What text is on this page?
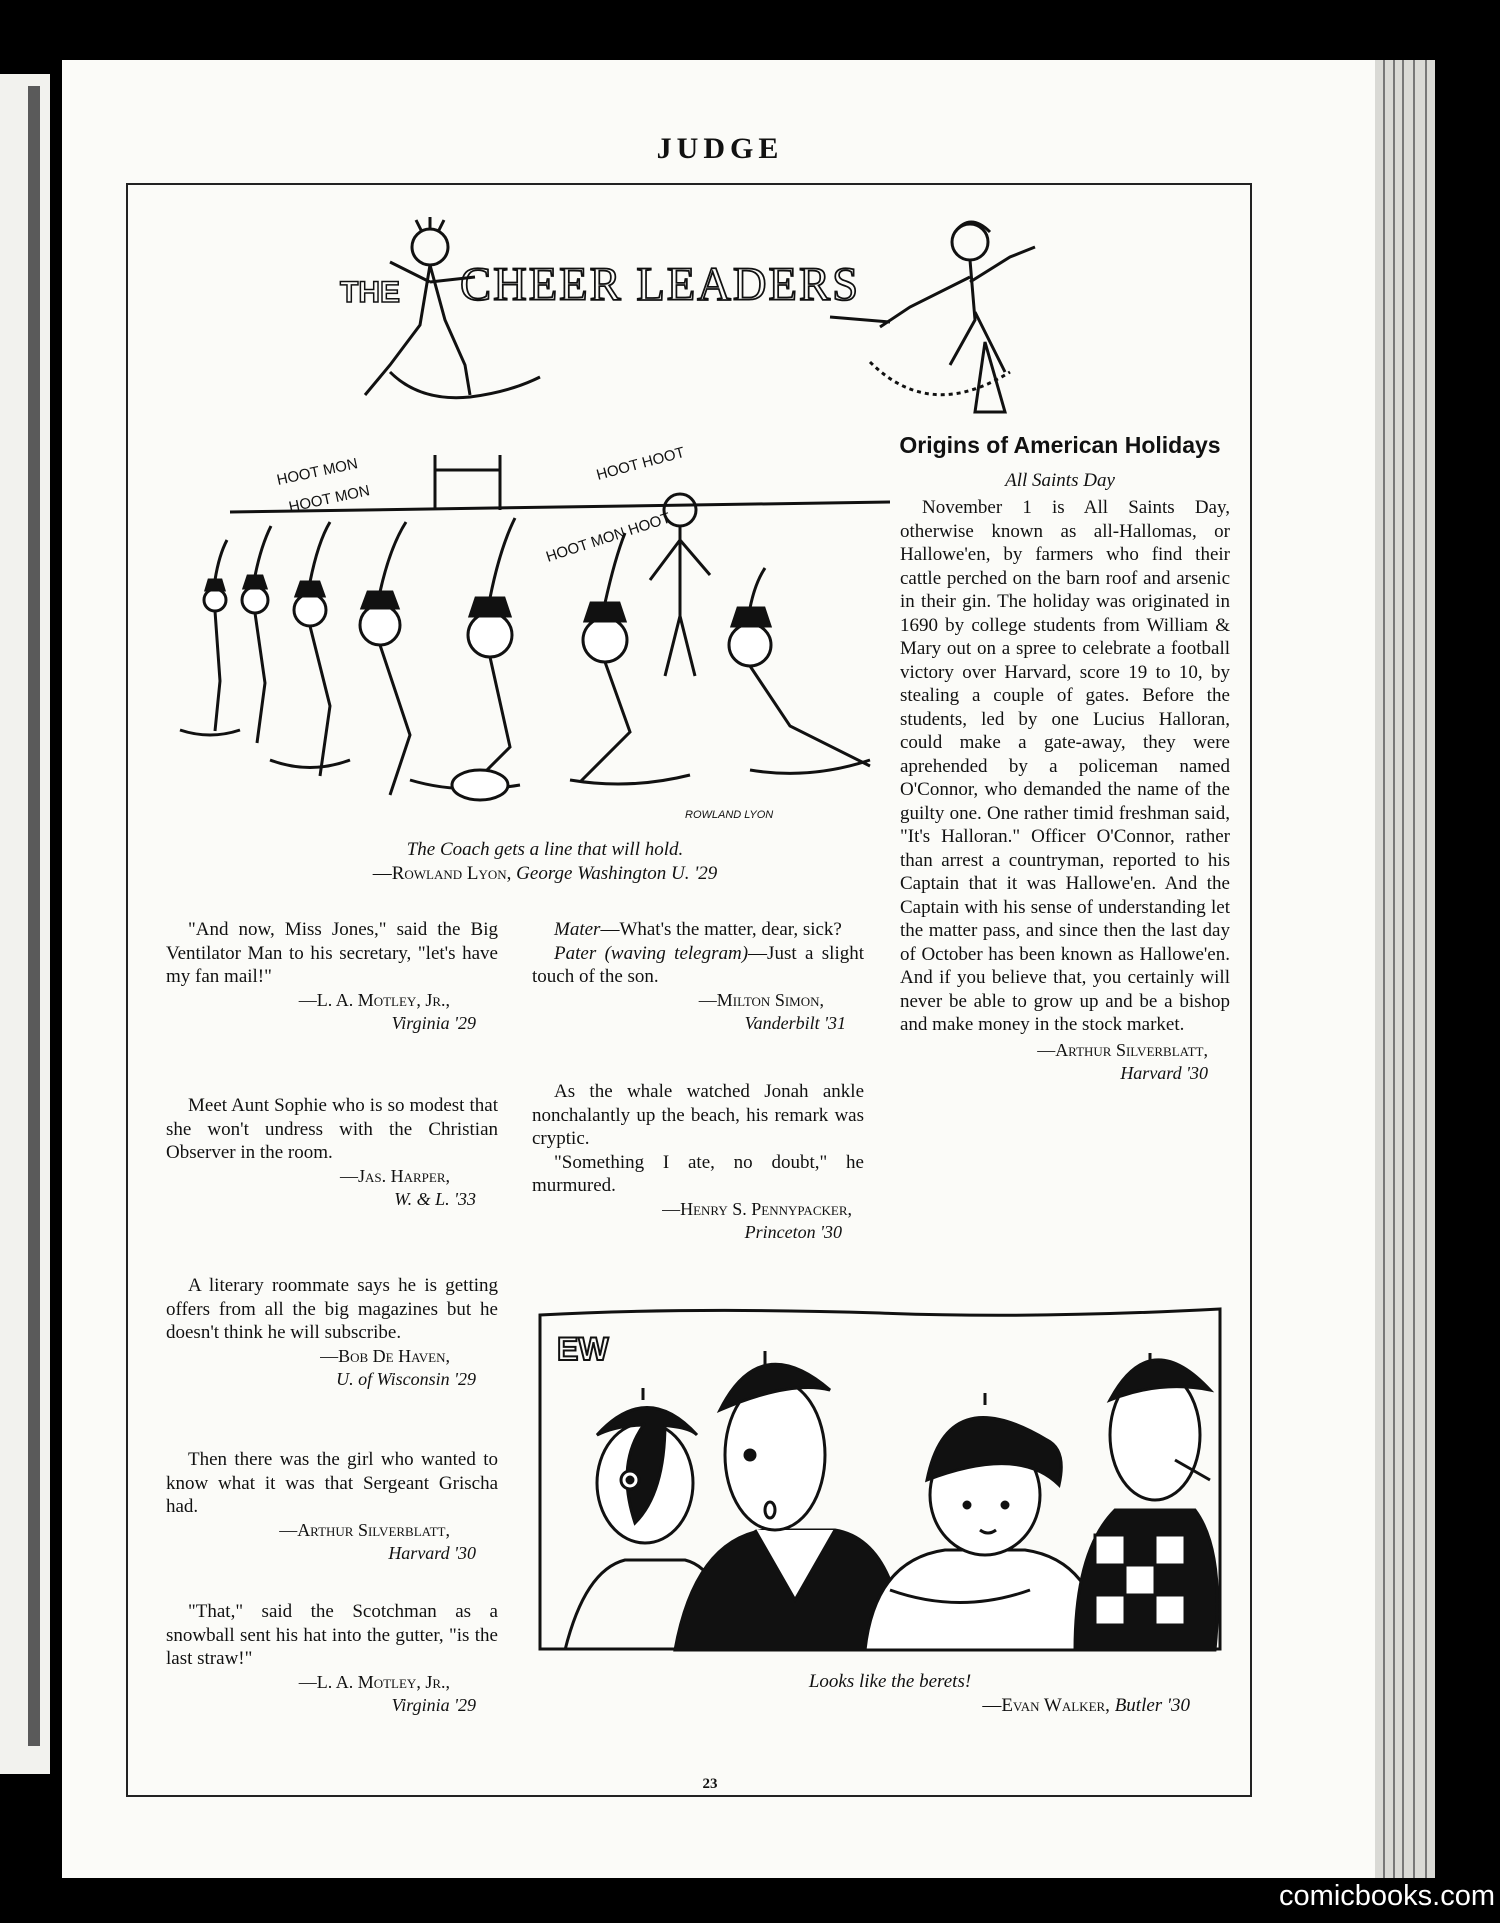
JUDGE
THE CHEER LEADERS
HOOT MON
HOOT MON
HOOT HOOT
HOOT MON HOOT
ROWLAND LYON
The Coach gets a line that will hold.
—Rowland Lyon, George Washington U. '29
Origins of American Holidays
All Saints Day

November 1 is All Saints Day, otherwise known as all-Hallomas, or Hallowe'en, by farmers who find their cattle perched on the barn roof and arsenic in their gin. The holiday was originated in 1690 by college students from William & Mary out on a spree to celebrate a football victory over Harvard, score 19 to 10, by stealing a couple of gates. Before the students, led by one Lucius Halloran, could make a gate-away, they were aprehended by a policeman named O'Connor, who demanded the name of the guilty one. One rather timid freshman said, "It's Halloran." Officer O'Connor, rather than arrest a countryman, reported to his Captain that it was Hallowe'en. And the Captain with his sense of understanding let the matter pass, and since then the last day of October has been known as Hallowe'en. And if you believe that, you certainly will never be able to grow up and be a bishop and make money in the stock market.

—Arthur Silverblatt,

Harvard '30

"And now, Miss Jones," said the Big Ventilator Man to his secretary, "let's have my fan mail!"

—L. A. Motley, Jr.,

Virginia '29

Meet Aunt Sophie who is so modest that she won't undress with the Christian Observer in the room.

—Jas. Harper,

W. & L. '33

A literary roommate says he is getting offers from all the big magazines but he doesn't think he will subscribe.

—Bob De Haven,

U. of Wisconsin '29

Then there was the girl who wanted to know what it was that Sergeant Grischa had.

—Arthur Silverblatt,

Harvard '30

"That," said the Scotchman as a snowball sent his hat into the gutter, "is the last straw!"

—L. A. Motley, Jr.,

Virginia '29

Mater—What's the matter, dear, sick?

Pater (waving telegram)—Just a slight touch of the son.

—Milton Simon,

Vanderbilt '31

As the whale watched Jonah ankle nonchalantly up the beach, his remark was cryptic.

"Something I ate, no doubt," he murmured.

—Henry S. Pennypacker,

Princeton '30

EW
Looks like the berets!
—Evan Walker, Butler '30
23
comicbooks.com
